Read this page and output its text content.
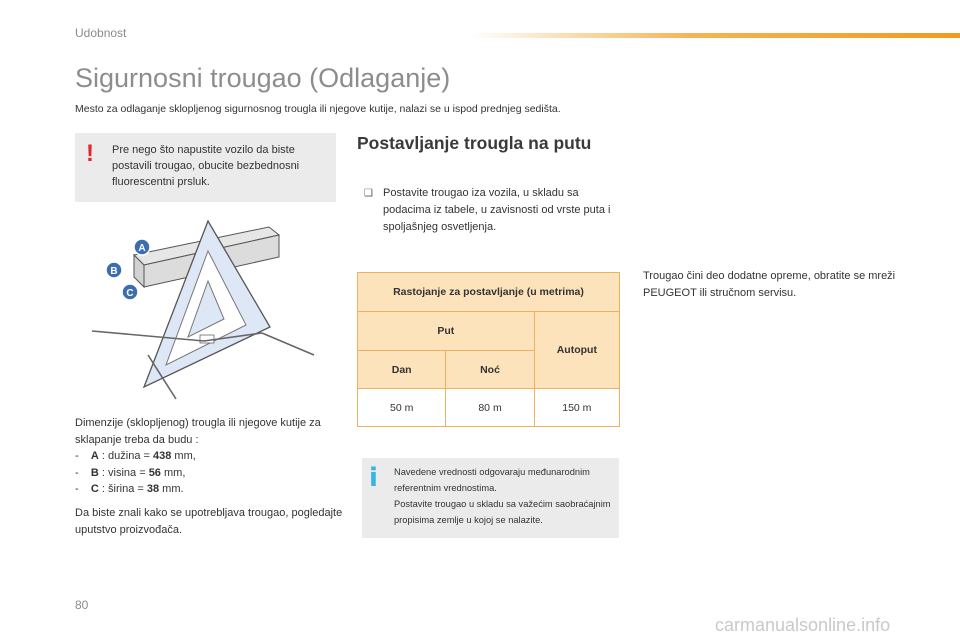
Udobnost
Sigurnosni trougao (Odlaganje)
Mesto za odlaganje sklopljenog sigurnosnog trougla ili njegove kutije, nalazi se u ispod prednjeg sedišta.
! Pre nego što napustite vozilo da biste postavili trougao, obucite bezbednosni fluorescentni prsluk.
A
B
C
Dimenzije (sklopljenog) trougla ili njegove kutije za sklapanje treba da budu :
- A : dužina = 438 mm,
- B : visina = 56 mm,
- C : širina = 38 mm.
Da biste znali kako se upotrebljava trougao, pogledajte uputstvo proizvođača.
Postavljanje trougla na putu
❑ Postavite trougao iza vozila, u skladu sa podacima iz tabele, u zavisnosti od vrste puta i spoljašnjeg osvetljenja.
Rastojanje za postavljanje (u metrima)		
Put		Autoput
Dan	Noć	
50 m	80 m	150 m
i Navedene vrednosti odgovaraju međunarodnim referentnim vrednostima.
Postavite trougao u skladu sa važećim saobraćajnim propisima zemlje u kojoj se nalazite.
Trougao čini deo dodatne opreme, obratite se mreži PEUGEOT ili stručnom servisu.
80
carmanualsonline.info
